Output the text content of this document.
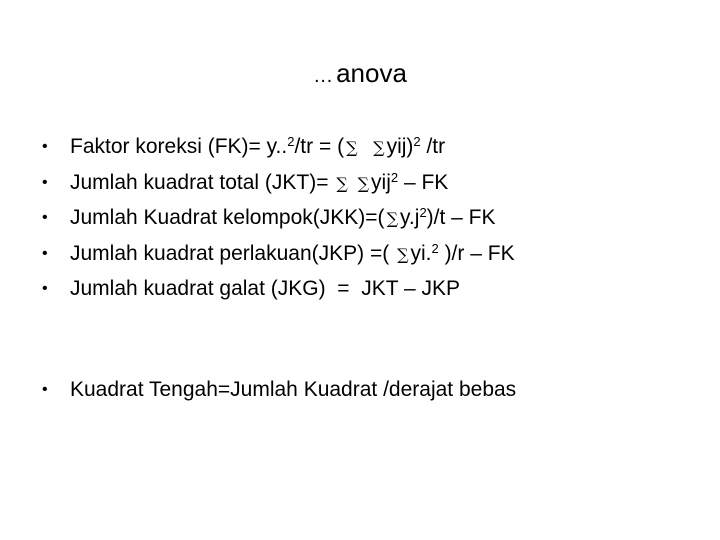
…anova
• Faktor koreksi (FK)= y..$^2$/tr = ( ∑ ∑yij)$^2$ /tr
• Jumlah kuadrat total (JKT)= ∑ ∑yij$^2$ – FK
• Jumlah Kuadrat kelompok(JKK)=( $\sum y.j^2)/t$ – FK
• Jumlah kuadrat perlakuan(JKP) =( ∑yi.$^2$ )/r – FK
• Jumlah kuadrat galat (JKG)  =  JKT – JKP
• Kuadrat Tengah=Jumlah Kuadrat /derajat bebas
